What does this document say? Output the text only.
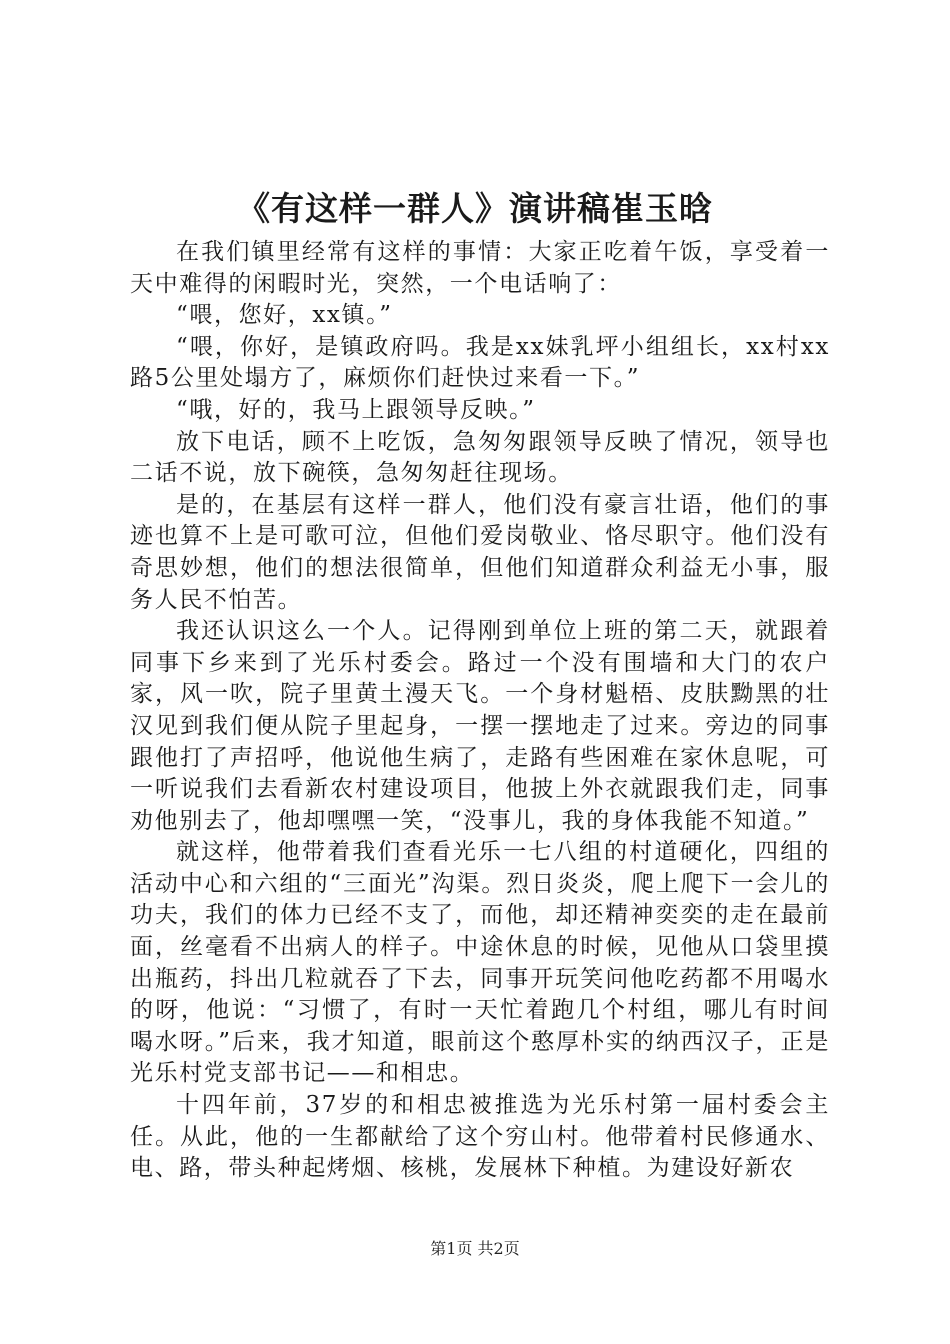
《有这样一群人》演讲稿崔玉晗

在我们镇里经常有这样的事情：大家正吃着午饭，享受着一天中难得的闲暇时光，突然，一个电话响了：

“喂，您好，xx镇。”

“喂，你好，是镇政府吗。我是xx妹乳坪小组组长，xx村xx路5公里处塌方了，麻烦你们赶快过来看一下。”

“哦，好的，我马上跟领导反映。”

放下电话，顾不上吃饭，急匆匆跟领导反映了情况，领导也二话不说，放下碗筷，急匆匆赶往现场。

是的，在基层有这样一群人，他们没有豪言壮语，他们的事迹也算不上是可歌可泣，但他们爱岗敬业、恪尽职守。他们没有奇思妙想，他们的想法很简单，但他们知道群众利益无小事，服务人民不怕苦。

我还认识这么一个人。记得刚到单位上班的第二天，就跟着同事下乡来到了光乐村委会。路过一个没有围墙和大门的农户家，风一吹，院子里黄土漫天飞。一个身材魁梧、皮肤黝黑的壮汉见到我们便从院子里起身，一摆一摆地走了过来。旁边的同事跟他打了声招呼，他说他生病了，走路有些困难在家休息呢，可一听说我们去看新农村建设项目，他披上外衣就跟我们走，同事劝他别去了，他却嘿嘿一笑，“没事儿，我的身体我能不知道。”

就这样，他带着我们查看光乐一七八组的村道硬化，四组的活动中心和六组的“三面光”沟渠。烈日炎炎，爬上爬下一会儿的功夫，我们的体力已经不支了，而他，却还精神奕奕的走在最前面，丝毫看不出病人的样子。中途休息的时候，见他从口袋里摸出瓶药，抖出几粒就吞了下去，同事开玩笑问他吃药都不用喝水的呀，他说：“习惯了，有时一天忙着跑几个村组，哪儿有时间喝水呀。”后来，我才知道，眼前这个憨厚朴实的纳西汉子，正是光乐村党支部书记——和相忠。

十四年前，37岁的和相忠被推选为光乐村第一届村委会主任。从此，他的一生都献给了这个穷山村。他带着村民修通水、电、路，带头种起烤烟、核桃，发展林下种植。为建设好新农

第1页 共2页
